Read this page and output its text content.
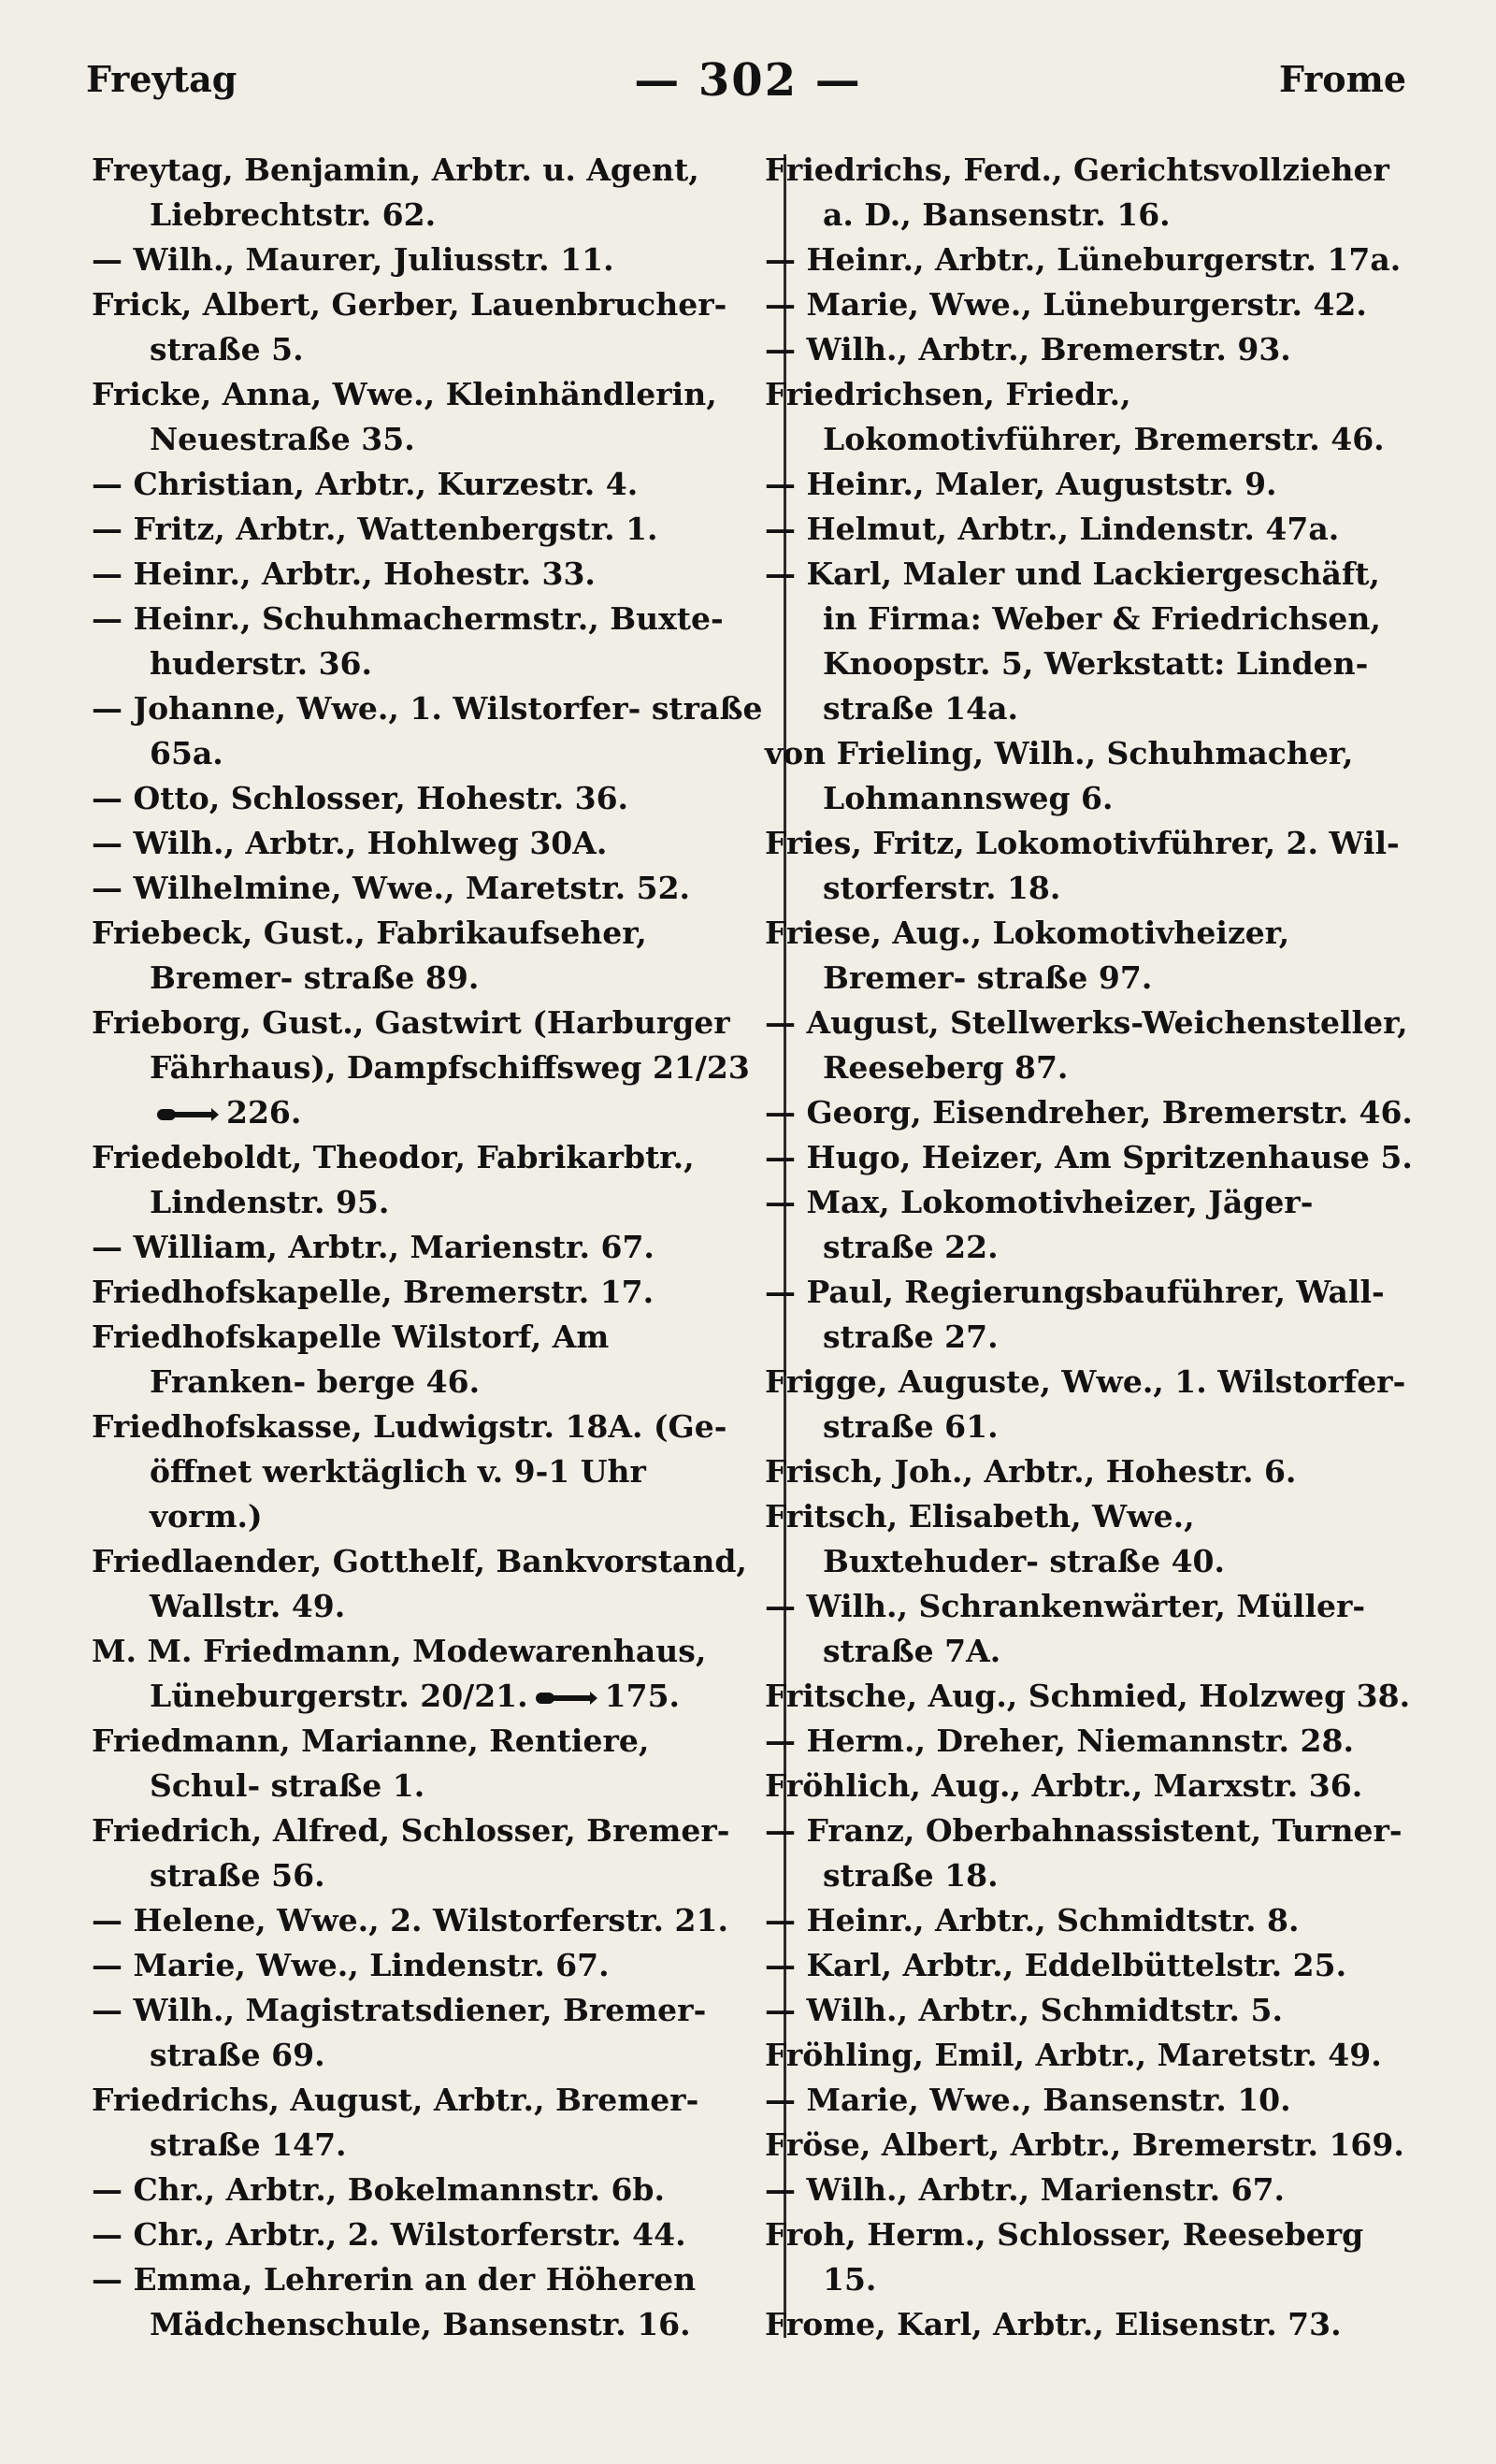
Freytag	— 302 —	Frome

Freytag, Benjamin, Arbtr. u. Agent, Liebrechtstr. 62.

— Wilh., Maurer, Juliusstr. 11.

Frick, Albert, Gerber, Lauenbrucher- straße 5.

Fricke, Anna, Wwe., Kleinhändlerin, Neuestraße 35.

— Christian, Arbtr., Kurzestr. 4.

— Fritz, Arbtr., Wattenbergstr. 1.

— Heinr., Arbtr., Hohestr. 33.

— Heinr., Schuhmachermstr., Buxte- huderstr. 36.

— Johanne, Wwe., 1. Wilstorfer- straße 65a.

— Otto, Schlosser, Hohestr. 36.

— Wilh., Arbtr., Hohlweg 30A.

— Wilhelmine, Wwe., Maretstr. 52.

Friebeck, Gust., Fabrikaufseher, Bremer- straße 89.

Frieborg, Gust., Gastwirt (Harburger Fährhaus), Dampfschiffsweg 21/23226.

Friedeboldt, Theodor, Fabrikarbtr., Lindenstr. 95.

— William, Arbtr., Marienstr. 67.

Friedhofskapelle, Bremerstr. 17.

Friedhofskapelle Wilstorf, Am Franken- berge 46.

Friedhofskasse, Ludwigstr. 18A. (Ge- öffnet werktäglich v. 9-1 Uhr vorm.)

Friedlaender, Gotthelf, Bankvorstand, Wallstr. 49.

M. M. Friedmann, Modewarenhaus, Lüneburgerstr. 20/21. 175.

Friedmann, Marianne, Rentiere, Schul- straße 1.

Friedrich, Alfred, Schlosser, Bremer- straße 56.

— Helene, Wwe., 2. Wilstorferstr. 21.

— Marie, Wwe., Lindenstr. 67.

— Wilh., Magistratsdiener, Bremer- straße 69.

Friedrichs, August, Arbtr., Bremer- straße 147.

— Chr., Arbtr., Bokelmannstr. 6b.

— Chr., Arbtr., 2. Wilstorferstr. 44.

— Emma, Lehrerin an der Höheren Mädchenschule, Bansenstr. 16.

Friedrichs, Ferd., Gerichtsvollzieher a. D., Bansenstr. 16.

— Heinr., Arbtr., Lüneburgerstr. 17a.

— Marie, Wwe., Lüneburgerstr. 42.

— Wilh., Arbtr., Bremerstr. 93.

Friedrichsen, Friedr., Lokomotivführer, Bremerstr. 46.

— Heinr., Maler, Auguststr. 9.

— Helmut, Arbtr., Lindenstr. 47a.

— Karl, Maler und Lackiergeschäft, in Firma: Weber & Friedrichsen, Knoopstr. 5, Werkstatt: Linden- straße 14a.

von Frieling, Wilh., Schuhmacher, Lohmannsweg 6.

Fries, Fritz, Lokomotivführer, 2. Wil- storferstr. 18.

Friese, Aug., Lokomotivheizer, Bremer- straße 97.

— August, Stellwerks-Weichensteller, Reeseberg 87.

— Georg, Eisendreher, Bremerstr. 46.

— Hugo, Heizer, Am Spritzenhause 5.

— Max, Lokomotivheizer, Jäger- straße 22.

— Paul, Regierungsbauführer, Wall- straße 27.

Frigge, Auguste, Wwe., 1. Wilstorfer- straße 61.

Frisch, Joh., Arbtr., Hohestr. 6.

Fritsch, Elisabeth, Wwe., Buxtehuder- straße 40.

— Wilh., Schrankenwärter, Müller- straße 7A.

Fritsche, Aug., Schmied, Holzweg 38.

— Herm., Dreher, Niemannstr. 28.

Fröhlich, Aug., Arbtr., Marxstr. 36.

— Franz, Oberbahnassistent, Turner- straße 18.

— Heinr., Arbtr., Schmidtstr. 8.

— Karl, Arbtr., Eddelbüttelstr. 25.

— Wilh., Arbtr., Schmidtstr. 5.

Fröhling, Emil, Arbtr., Maretstr. 49.

— Marie, Wwe., Bansenstr. 10.

Fröse, Albert, Arbtr., Bremerstr. 169.

— Wilh., Arbtr., Marienstr. 67.

Froh, Herm., Schlosser, Reeseberg 15.

Frome, Karl, Arbtr., Elisenstr. 73.
